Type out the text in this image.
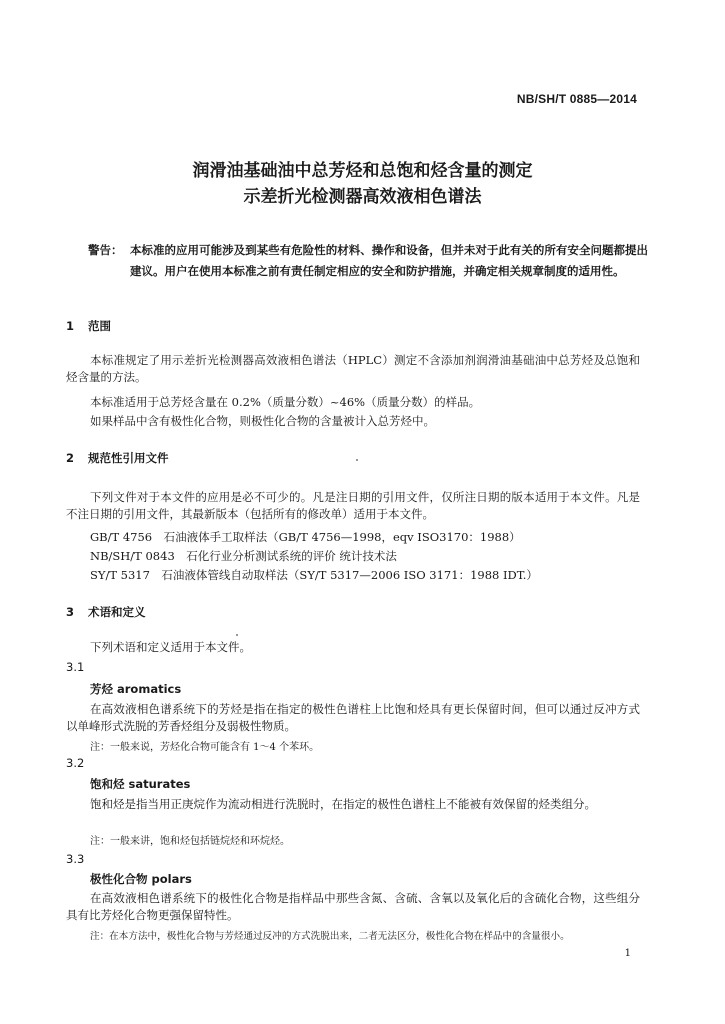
NB/SH/T 0885—2014
润滑油基础油中总芳烃和总饱和烃含量的测定
示差折光检测器高效液相色谱法
警告： 本标准的应用可能涉及到某些有危险性的材料、操作和设备，但并未对于此有关的所有安全问题都提出建议。用户在使用本标准之前有责任制定相应的安全和防护措施，并确定相关规章制度的适用性。
1 范围
本标准规定了用示差折光检测器高效液相色谱法（HPLC）测定不含添加剂润滑油基础油中总芳烃及总饱和烃含量的方法。
本标准适用于总芳烃含量在 0.2%（质量分数）~46%（质量分数）的样品。
如果样品中含有极性化合物，则极性化合物的含量被计入总芳烃中。
2 规范性引用文件
下列文件对于本文件的应用是必不可少的。凡是注日期的引用文件，仅所注日期的版本适用于本文件。凡是不注日期的引用文件，其最新版本（包括所有的修改单）适用于本文件。
GB/T 4756　石油液体手工取样法（GB/T 4756—1998，eqv ISO3170：1988）
NB/SH/T 0843　石化行业分析测试系统的评价 统计技术法
SY/T 5317　石油液体管线自动取样法（SY/T 5317—2006 ISO 3171：1988 IDT.）
3 术语和定义
下列术语和定义适用于本文件。
3.1
芳烃 aromatics
在高效液相色谱系统下的芳烃是指在指定的极性色谱柱上比饱和烃具有更长保留时间，但可以通过反冲方式以单峰形式洗脱的芳香烃组分及弱极性物质。
注：一般来说，芳烃化合物可能含有 1～4 个苯环。
3.2
饱和烃 saturates
饱和烃是指当用正庚烷作为流动相进行洗脱时，在指定的极性色谱柱上不能被有效保留的烃类组分。
注：一般来讲，饱和烃包括链烷烃和环烷烃。
3.3
极性化合物 polars
在高效液相色谱系统下的极性化合物是指样品中那些含氮、含硫、含氧以及氧化后的含硫化合物，这些组分具有比芳烃化合物更强保留特性。
注：在本方法中，极性化合物与芳烃通过反冲的方式洗脱出来，二者无法区分，极性化合物在样品中的含量很小。
1
